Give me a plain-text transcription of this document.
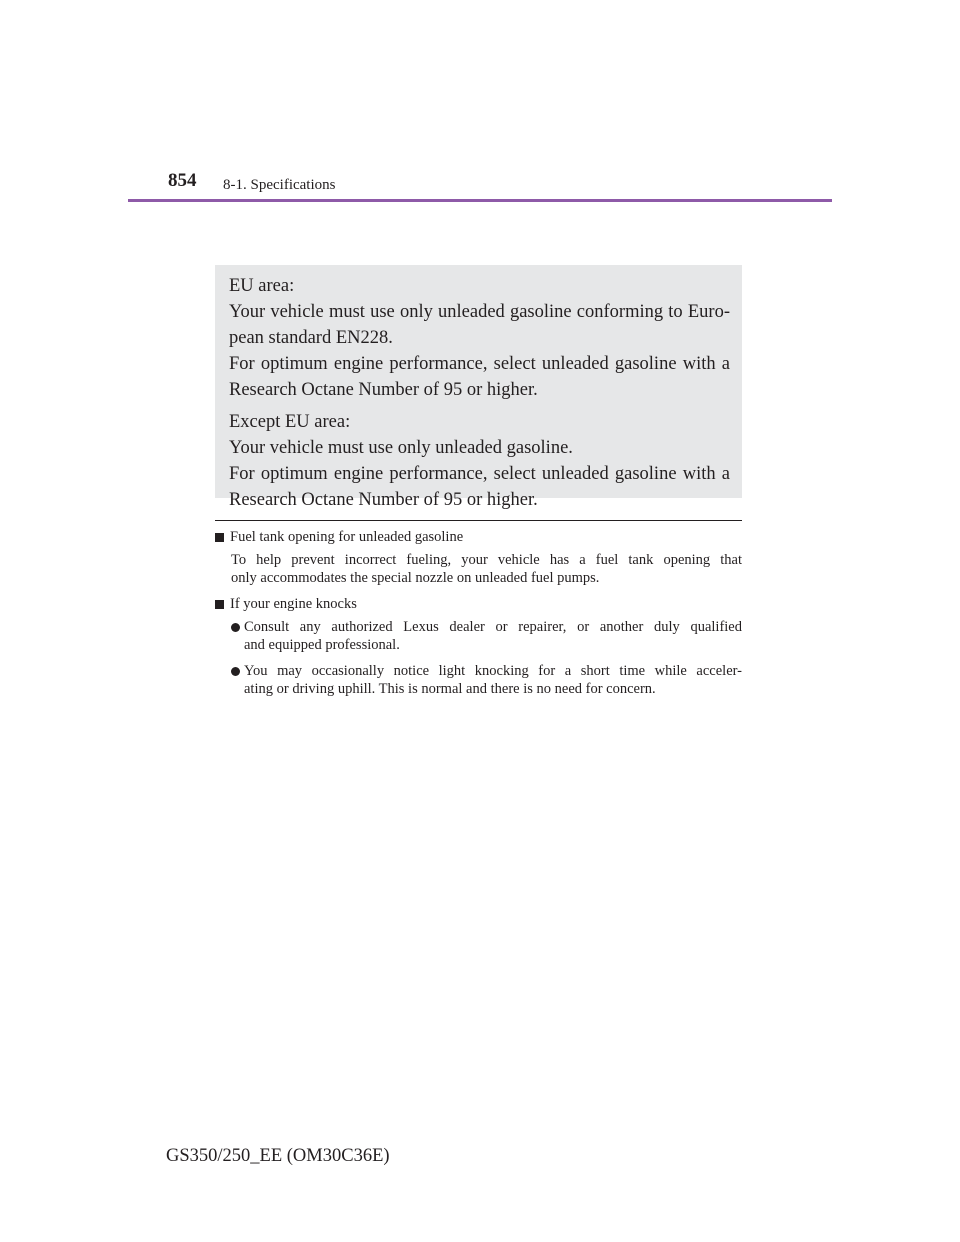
854 8-1. Specifications
EU area:
Your vehicle must use only unleaded gasoline conforming to Euro-
pean standard EN228.
For optimum engine performance, select unleaded gasoline with a
Research Octane Number of 95 or higher.
Except EU area:
Your vehicle must use only unleaded gasoline.
For optimum engine performance, select unleaded gasoline with a
Research Octane Number of 95 or higher.
Fuel tank opening for unleaded gasoline
To help prevent incorrect fueling, your vehicle has a fuel tank opening that
only accommodates the special nozzle on unleaded fuel pumps.
If your engine knocks
Consult any authorized Lexus dealer or repairer, or another duly qualified
and equipped professional.
You may occasionally notice light knocking for a short time while acceler-
ating or driving uphill. This is normal and there is no need for concern.
GS350/250_EE (OM30C36E)
